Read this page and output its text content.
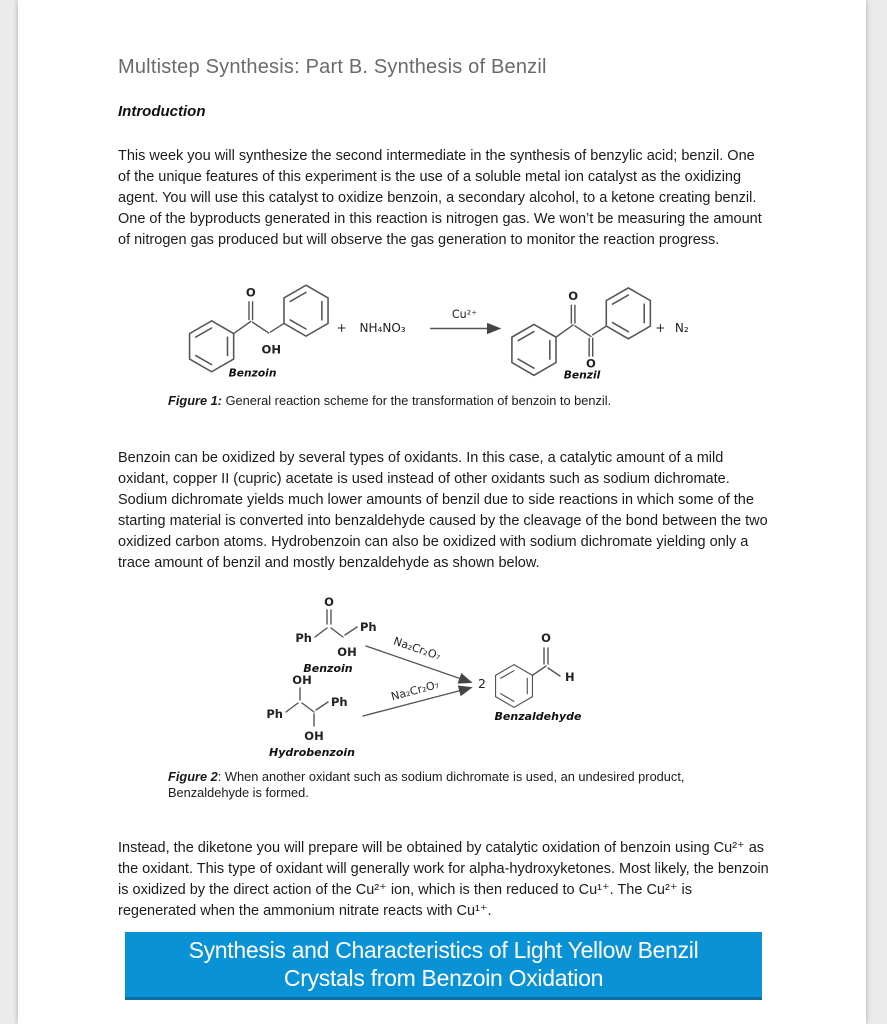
Multistep Synthesis: Part B. Synthesis of Benzil
Introduction

This week you will synthesize the second intermediate in the synthesis of benzylic acid; benzil. One of the unique features of this experiment is the use of a soluble metal ion catalyst as the oxidizing agent. You will use this catalyst to oxidize benzoin, a secondary alcohol, to a ketone creating benzil. One of the byproducts generated in this reaction is nitrogen gas. We won’t be measuring the amount of nitrogen gas produced but will observe the gas generation to monitor the reaction progress.

O
OH
Benzoin
+ NH₄NO₃
Cu²⁺
O
O
Benzil
+ N₂

Figure 1: General reaction scheme for the transformation of benzoin to benzil.

Benzoin can be oxidized by several types of oxidants. In this case, a catalytic amount of a mild oxidant, copper II (cupric) acetate is used instead of other oxidants such as sodium dichromate. Sodium dichromate yields much lower amounts of benzil due to side reactions in which some of the starting material is converted into benzaldehyde caused by the cleavage of the bond between the two oxidized carbon atoms. Hydrobenzoin can also be oxidized with sodium dichromate yielding only a trace amount of benzil and mostly benzaldehyde as shown below.

O
Ph
OH
Ph
Benzoin
Na₂Cr₂O₇
OH
Ph
Ph
OH
Hydrobenzoin
Na₂Cr₂O₇	2
O
H
Benzaldehyde

Figure 2: When another oxidant such as sodium dichromate is used, an undesired product, Benzaldehyde is formed.

Instead, the diketone you will prepare will be obtained by catalytic oxidation of benzoin using Cu²⁺ as the oxidant. This type of oxidant will generally work for alpha-hydroxyketones. Most likely, the benzoin is oxidized by the direct action of the Cu²⁺ ion, which is then reduced to Cu¹⁺. The Cu²⁺ is regenerated when the ammonium nitrate reacts with Cu¹⁺.

Synthesis and Characteristics of Light Yellow Benzil
Crystals from Benzoin Oxidation
